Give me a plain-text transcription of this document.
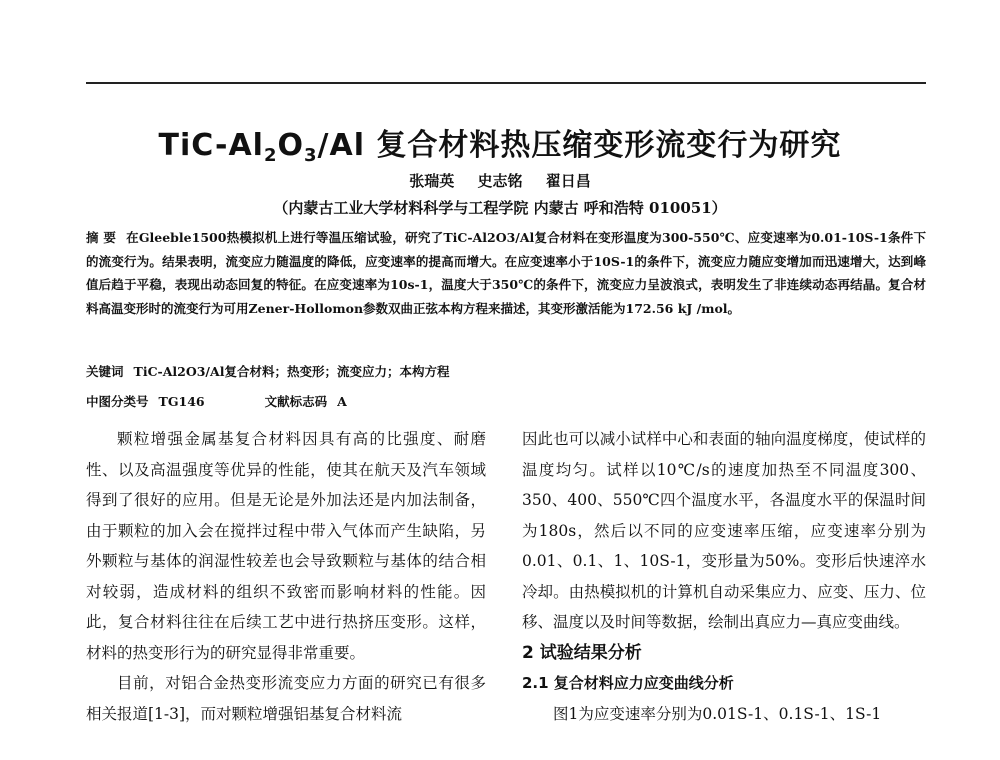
TiC-$Al_2O_3/Al$ 复合材料热压缩变形流变行为研究
张瑞英 史志铭 翟日昌
（内蒙古工业大学材料科学与工程学院 内蒙古 呼和浩特 010051）
摘 要 在Gleeble1500热模拟机上进行等温压缩试验，研究了TiC-Al2O3/Al复合材料在变形温度为300-550℃、应变速率为0.01-10S-1条件下的流变行为。结果表明，流变应力随温度的降低，应变速率的提高而增大。在应变速率小于10S-1的条件下，流变应力随应变增加而迅速增大，达到峰值后趋于平稳，表现出动态回复的特征。在应变速率为10s-1，温度大于350℃的条件下，流变应力呈波浪式，表明发生了非连续动态再结晶。复合材料高温变形时的流变行为可用Zener-Hollomon参数双曲正弦本构方程来描述，其变形激活能为172.56 kJ /mol。
关键词 TiC-Al2O3/Al复合材料；热变形；流变应力；本构方程
中图分类号 TG146	文献标志码 A

颗粒增强金属基复合材料因具有高的比强度、耐磨性、以及高温强度等优异的性能，使其在航天及汽车领域得到了很好的应用。但是无论是外加法还是内加法制备，由于颗粒的加入会在搅拌过程中带入气体而产生缺陷，另外颗粒与基体的润湿性较差也会导致颗粒与基体的结合相对较弱，造成材料的组织不致密而影响材料的性能。因此，复合材料往往在后续工艺中进行热挤压变形。这样，材料的热变形行为的研究显得非常重要。

目前，对铝合金热变形流变应力方面的研究已有很多相关报道[1-3]，而对颗粒增强铝基复合材料流

因此也可以减小试样中心和表面的轴向温度梯度，使试样的温度均匀。试样以10℃/s的速度加热至不同温度300、350、400、550℃四个温度水平，各温度水平的保温时间为180s，然后以不同的应变速率压缩，应变速率分别为0.01、0.1、1、10S-1，变形量为50%。变形后快速淬水冷却。由热模拟机的计算机自动采集应力、应变、压力、位移、温度以及时间等数据，绘制出真应力—真应变曲线。

2 试验结果分析

2.1 复合材料应力应变曲线分析

图1为应变速率分别为0.01S-1、0.1S-1、1S-1
